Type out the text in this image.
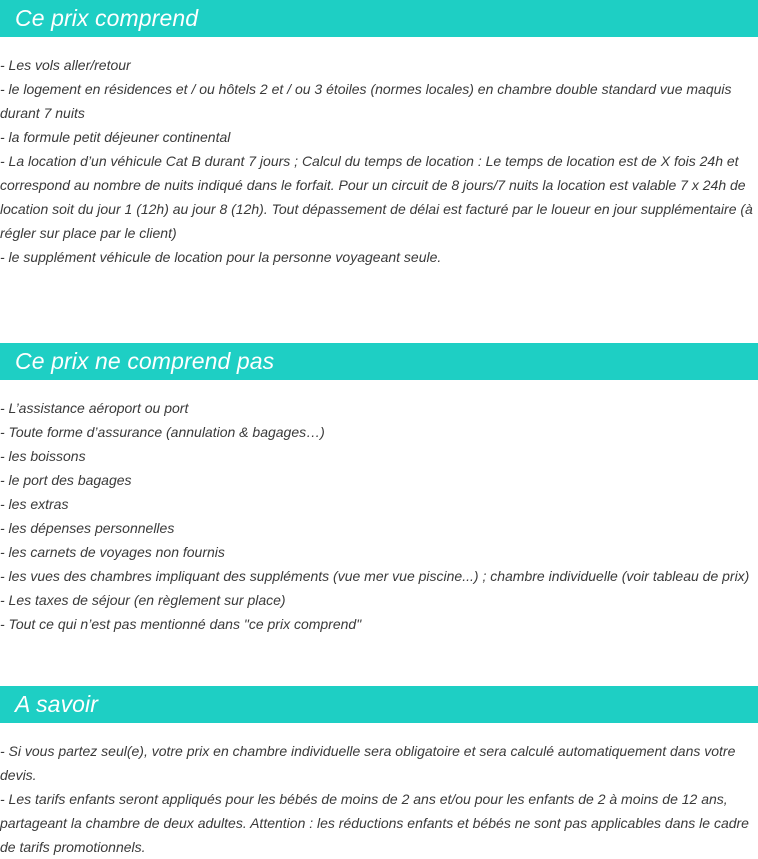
Ce prix comprend
- Les vols aller/retour
- le logement en résidences et / ou hôtels 2 et / ou 3 étoiles (normes locales) en chambre double standard vue maquis durant 7 nuits
- la formule petit déjeuner continental
- La location d’un véhicule Cat B durant 7 jours ; Calcul du temps de location : Le temps de location est de X fois 24h et correspond au nombre de nuits indiqué dans le forfait. Pour un circuit de 8 jours/7 nuits la location est valable 7 x 24h de location soit du jour 1 (12h) au jour 8 (12h). Tout dépassement de délai est facturé par le loueur en jour supplémentaire (à régler sur place par le client)
- le supplément véhicule de location pour la personne voyageant seule.
Ce prix ne comprend pas
- L’assistance aéroport ou port
- Toute forme d’assurance (annulation & bagages…)
- les boissons
- le port des bagages
- les extras
- les dépenses personnelles
- les carnets de voyages non fournis
- les vues des chambres impliquant des suppléments (vue mer vue piscine...) ; chambre individuelle (voir tableau de prix)
- Les taxes de séjour (en règlement sur place)
- Tout ce qui n’est pas mentionné dans "ce prix comprend"
A savoir
- Si vous partez seul(e), votre prix en chambre individuelle sera obligatoire et sera calculé automatiquement dans votre devis.
- Les tarifs enfants seront appliqués pour les bébés de moins de 2 ans et/ou pour les enfants de 2 à moins de 12 ans, partageant la chambre de deux adultes. Attention : les réductions enfants et bébés ne sont pas applicables dans le cadre de tarifs promotionnels.
